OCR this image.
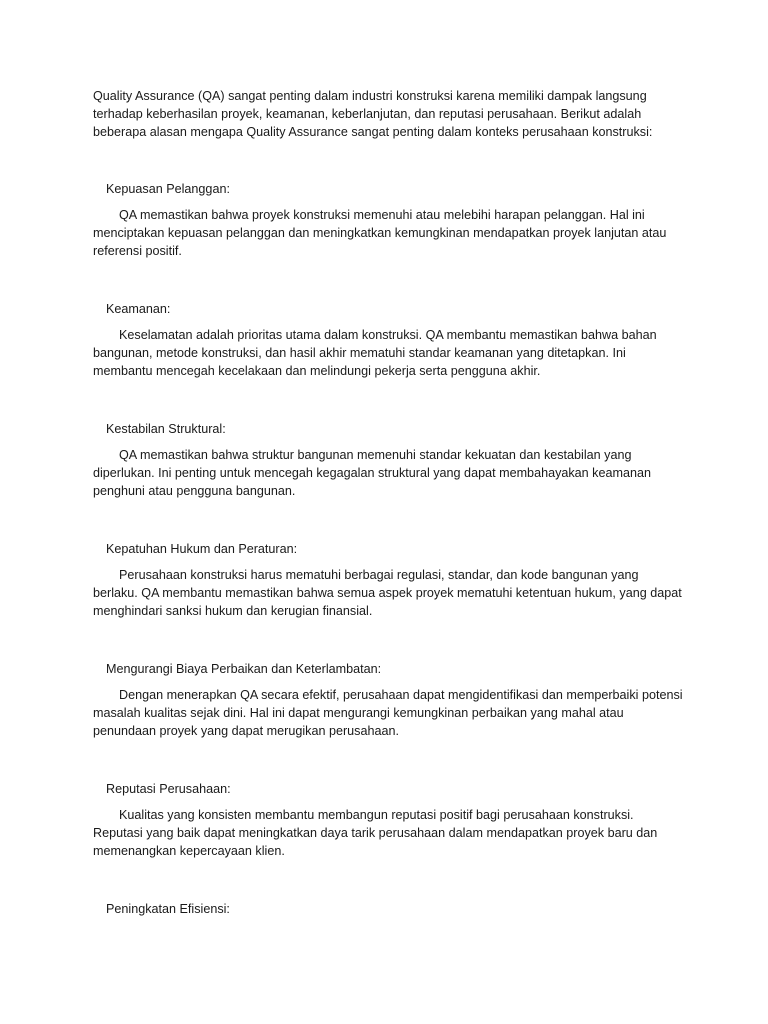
Quality Assurance (QA) sangat penting dalam industri konstruksi karena memiliki dampak langsung terhadap keberhasilan proyek, keamanan, keberlanjutan, dan reputasi perusahaan. Berikut adalah beberapa alasan mengapa Quality Assurance sangat penting dalam konteks perusahaan konstruksi:

Kepuasan Pelanggan:

QA memastikan bahwa proyek konstruksi memenuhi atau melebihi harapan pelanggan. Hal ini menciptakan kepuasan pelanggan dan meningkatkan kemungkinan mendapatkan proyek lanjutan atau referensi positif.

Keamanan:

Keselamatan adalah prioritas utama dalam konstruksi. QA membantu memastikan bahwa bahan bangunan, metode konstruksi, dan hasil akhir mematuhi standar keamanan yang ditetapkan. Ini membantu mencegah kecelakaan dan melindungi pekerja serta pengguna akhir.

Kestabilan Struktural:

QA memastikan bahwa struktur bangunan memenuhi standar kekuatan dan kestabilan yang diperlukan. Ini penting untuk mencegah kegagalan struktural yang dapat membahayakan keamanan penghuni atau pengguna bangunan.

Kepatuhan Hukum dan Peraturan:

Perusahaan konstruksi harus mematuhi berbagai regulasi, standar, dan kode bangunan yang berlaku. QA membantu memastikan bahwa semua aspek proyek mematuhi ketentuan hukum, yang dapat menghindari sanksi hukum dan kerugian finansial.

Mengurangi Biaya Perbaikan dan Keterlambatan:

Dengan menerapkan QA secara efektif, perusahaan dapat mengidentifikasi dan memperbaiki potensi masalah kualitas sejak dini. Hal ini dapat mengurangi kemungkinan perbaikan yang mahal atau penundaan proyek yang dapat merugikan perusahaan.

Reputasi Perusahaan:

Kualitas yang konsisten membantu membangun reputasi positif bagi perusahaan konstruksi. Reputasi yang baik dapat meningkatkan daya tarik perusahaan dalam mendapatkan proyek baru dan memenangkan kepercayaan klien.

Peningkatan Efisiensi:
